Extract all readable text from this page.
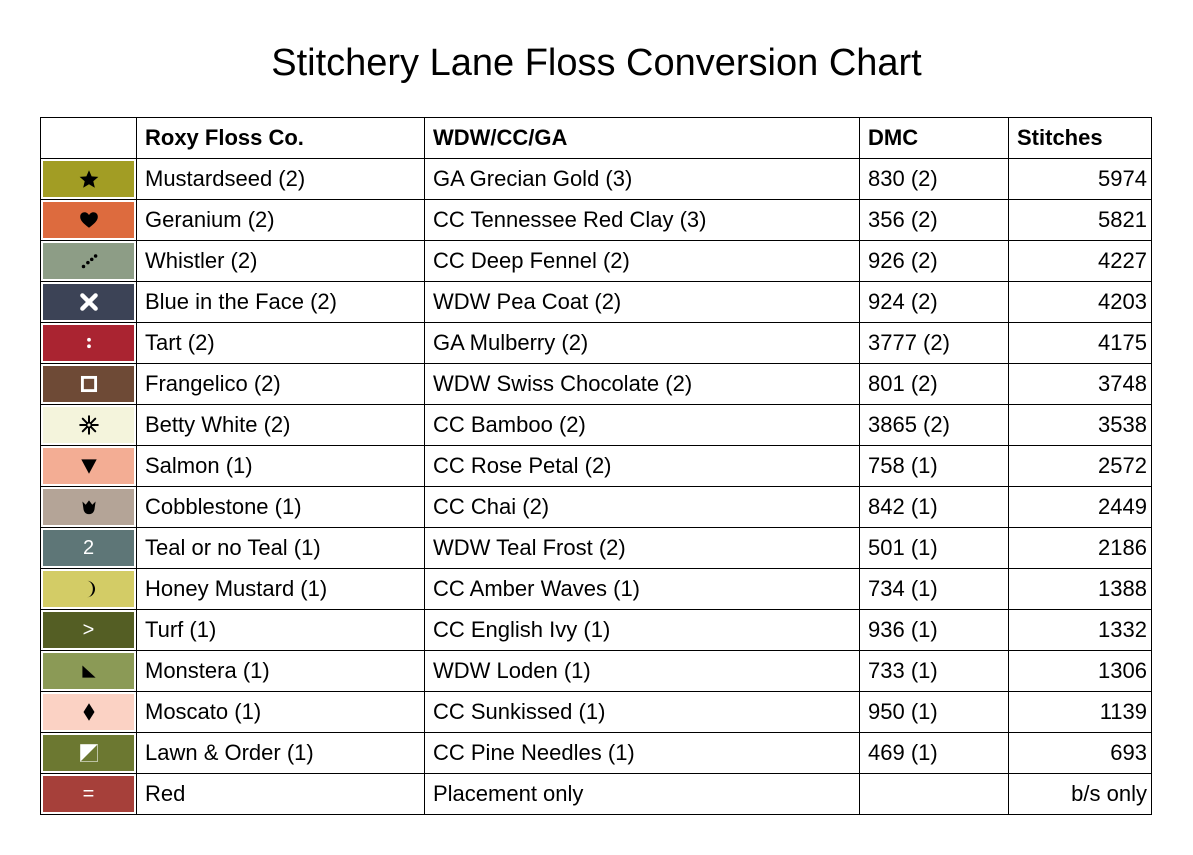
Stitchery Lane Floss Conversion Chart
	Roxy Floss Co.	WDW/CC/GA	DMC	Stitches

	Mustardseed (2)	GA Grecian Gold (3)	830 (2)	5974

	Geranium (2)	CC Tennessee Red Clay (3)	356 (2)	5821

	Whistler (2)	CC Deep Fennel (2)	926 (2)	4227

	Blue in the Face (2)	WDW Pea Coat (2)	924 (2)	4203

	Tart (2)	GA Mulberry (2)	3777 (2)	4175

	Frangelico (2)	WDW Swiss Chocolate (2)	801 (2)	3748

	Betty White (2)	CC Bamboo (2)	3865 (2)	3538

	Salmon (1)	CC Rose Petal (2)	758 (1)	2572

	Cobblestone (1)	CC Chai (2)	842 (1)	2449

2	Teal or no Teal (1)	WDW Teal Frost (2)	501 (1)	2186

	Honey Mustard (1)	CC Amber Waves (1)	734 (1)	1388

>	Turf (1)	CC English Ivy (1)	936 (1)	1332

	Monstera (1)	WDW Loden (1)	733 (1)	1306

	Moscato (1)	CC Sunkissed (1)	950 (1)	1139

	Lawn & Order (1)	CC Pine Needles (1)	469 (1)	693

=	Red	Placement only		b/s only
